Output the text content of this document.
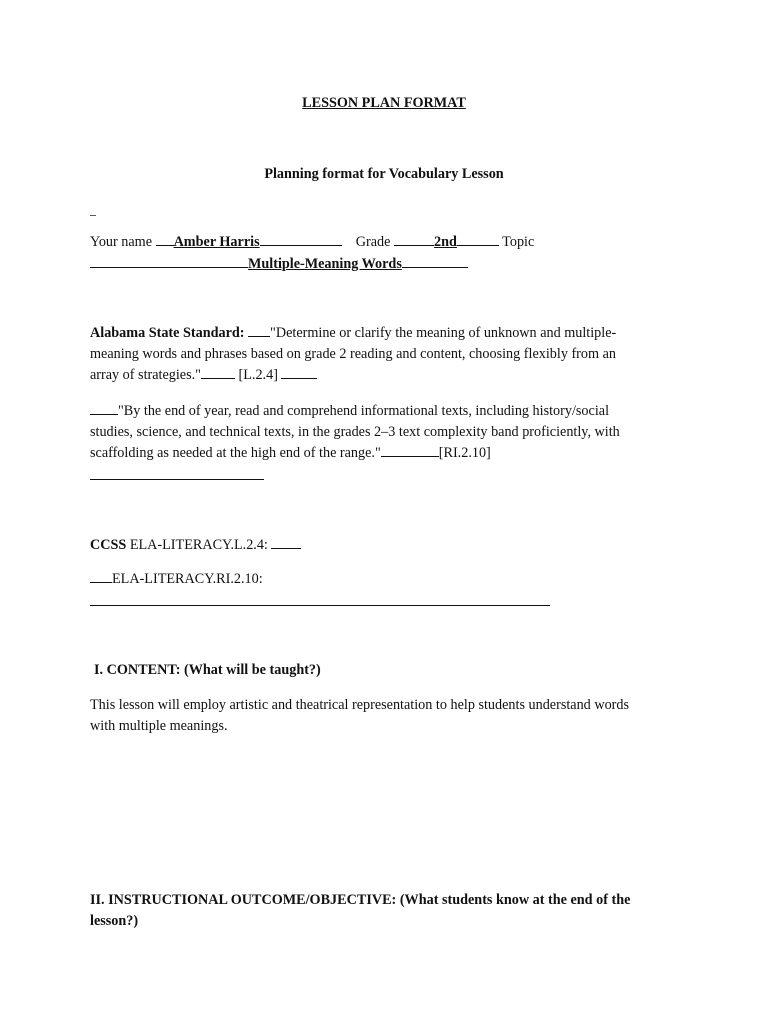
LESSON PLAN FORMAT
Planning format for Vocabulary Lesson
Your name Amber Harris	Grade	2nd	Topic
Multiple-Meaning Words
Alabama State Standard: "Determine or clarify the meaning of unknown and multiple-
meaning words and phrases based on grade 2 reading and content, choosing flexibly from an
array of strategies."	[L.2.4]
"By the end of year, read and comprehend informational texts, including history/social
studies, science, and technical texts, in the grades 2–3 text complexity band proficiently, with
scaffolding as needed at the high end of the range."	[RI.2.10]
CCSS ELA-LITERACY.L.2.4:
ELA-LITERACY.RI.2.10:
I. CONTENT: (What will be taught?)
This lesson will employ artistic and theatrical representation to help students understand words
with multiple meanings.
II. INSTRUCTIONAL OUTCOME/OBJECTIVE: (What students know at the end of the
lesson?)
